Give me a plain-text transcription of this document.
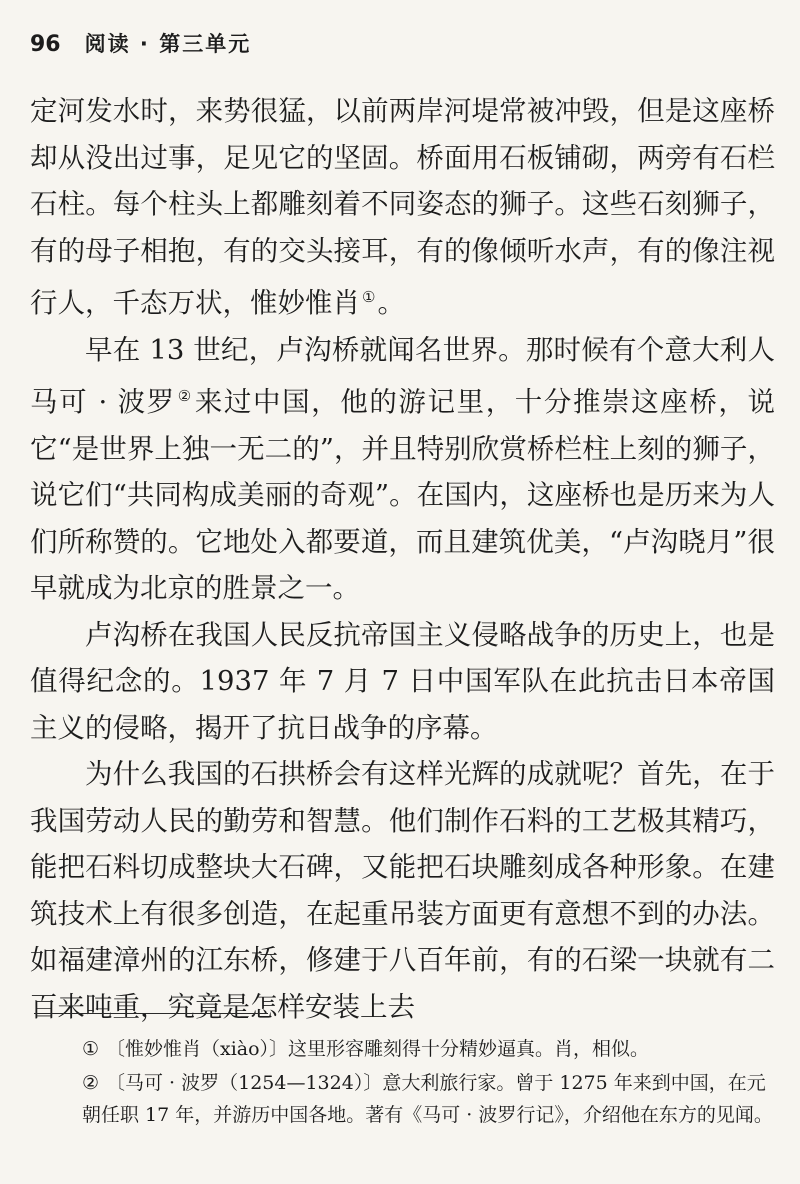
96 阅读 · 第三单元

定河发水时，来势很猛，以前两岸河堤常被冲毁，但是这座桥却从没出过事，足见它的坚固。桥面用石板铺砌，两旁有石栏石柱。每个柱头上都雕刻着不同姿态的狮子。这些石刻狮子，有的母子相抱，有的交头接耳，有的像倾听水声，有的像注视行人，千态万状，惟妙惟肖 ①。

早在 13 世纪，卢沟桥就闻名世界。那时候有个意大利人马可 · 波罗 ②来过中国，他的游记里，十分推崇这座桥，说它“是世界上独一无二的”，并且特别欣赏桥栏柱上刻的狮子，说它们“共同构成美丽的奇观”。在国内，这座桥也是历来为人们所称赞的。它地处入都要道，而且建筑优美，“卢沟晓月”很早就成为北京的胜景之一。

卢沟桥在我国人民反抗帝国主义侵略战争的历史上，也是值得纪念的。1937 年 7 月 7 日中国军队在此抗击日本帝国主义的侵略，揭开了抗日战争的序幕。

为什么我国的石拱桥会有这样光辉的成就呢？首先，在于我国劳动人民的勤劳和智慧。他们制作石料的工艺极其精巧，能把石料切成整块大石碑，又能把石块雕刻成各种形象。在建筑技术上有很多创造，在起重吊装方面更有意想不到的办法。如福建漳州的江东桥，修建于八百年前，有的石梁一块就有二百来吨重，究竟是怎样安装上去

① 〔惟妙惟肖（xiào）〕这里形容雕刻得十分精妙逼真。肖，相似。

② 〔马可 · 波罗（1254—1324）〕意大利旅行家。曾于 1275 年来到中国，在元朝任职 17 年，并游历中国各地。著有《马可 · 波罗行记》，介绍他在东方的见闻。
